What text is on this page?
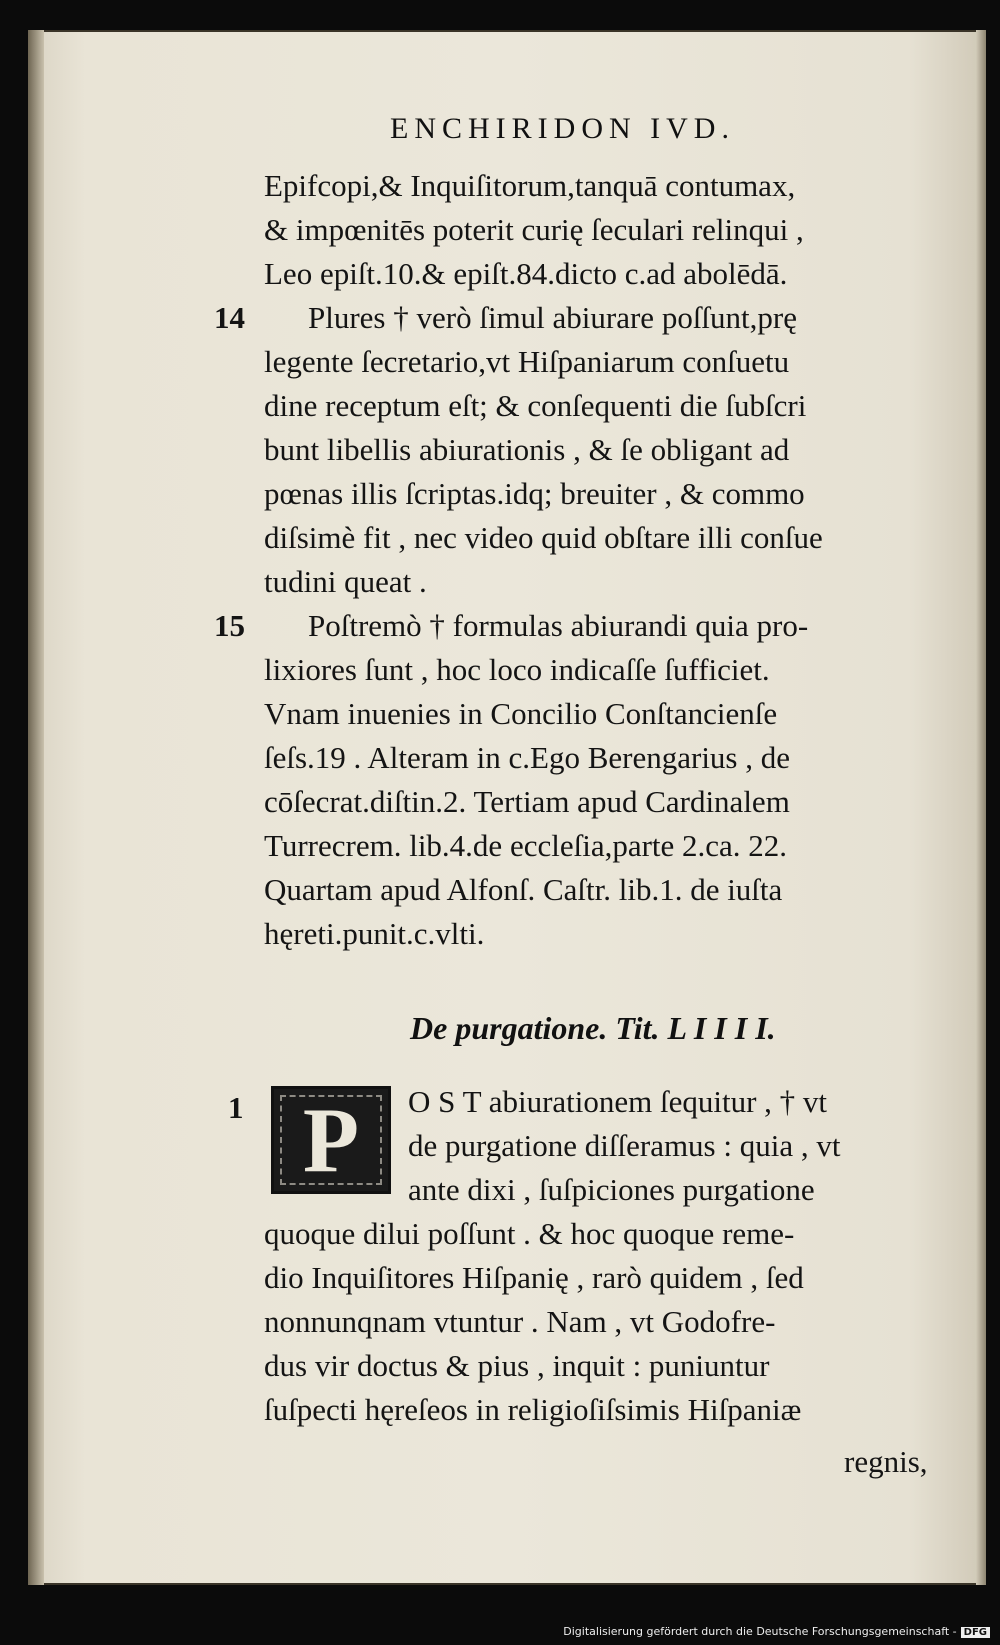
ENCHIRIDON IVD.
Epifcopi,& Inquiſitorum,tanquā contumax,
& impœnitēs poterit curię ſeculari relinqui ,
Leo epiſt.10.& epiſt.84.dicto c.ad abolēdā.
14 Plures † verò ſimul abiurare poſſunt,prę
legente ſecretario,vt Hiſpaniarum conſuetu
dine receptum eſt; & conſequenti die ſubſcri
bunt libellis abiurationis , & ſe obligant ad
pœnas illis ſcriptas.idq; breuiter , & commo
diſsimè fit , nec video quid obſtare illi conſue
tudini queat .
15 Poſtremò † formulas abiurandi quia pro-
lixiores ſunt , hoc loco indicaſſe ſufficiet.
Vnam inuenies in Concilio Conſtancienſe
ſeſs.19 . Alteram in c.Ego Berengarius , de
cōſecrat.diſtin.2. Tertiam apud Cardinalem
Turrecrem. lib.4.de eccleſia,parte 2.ca. 22.
Quartam apud Alfonſ. Caſtr. lib.1. de iuſta
hęreti.punit.c.vlti.
De purgatione. Tit. L I I I I.
1 P	O S T abiurationem ſequitur , † vt
de purgatione diſſeramus : quia , vt
ante dixi , ſuſpiciones purgatione
quoque dilui poſſunt . & hoc quoque reme-
dio Inquiſitores Hiſpanię , rarò quidem , ſed
nonnunqnam vtuntur . Nam , vt Godofre-
dus vir doctus & pius , inquit : puniuntur
ſuſpecti hęreſeos in religioſiſsimis Hiſpaniæ
regnis,
Digitalisierung gefördert durch die Deutsche Forschungsgemeinschaft - DFG
